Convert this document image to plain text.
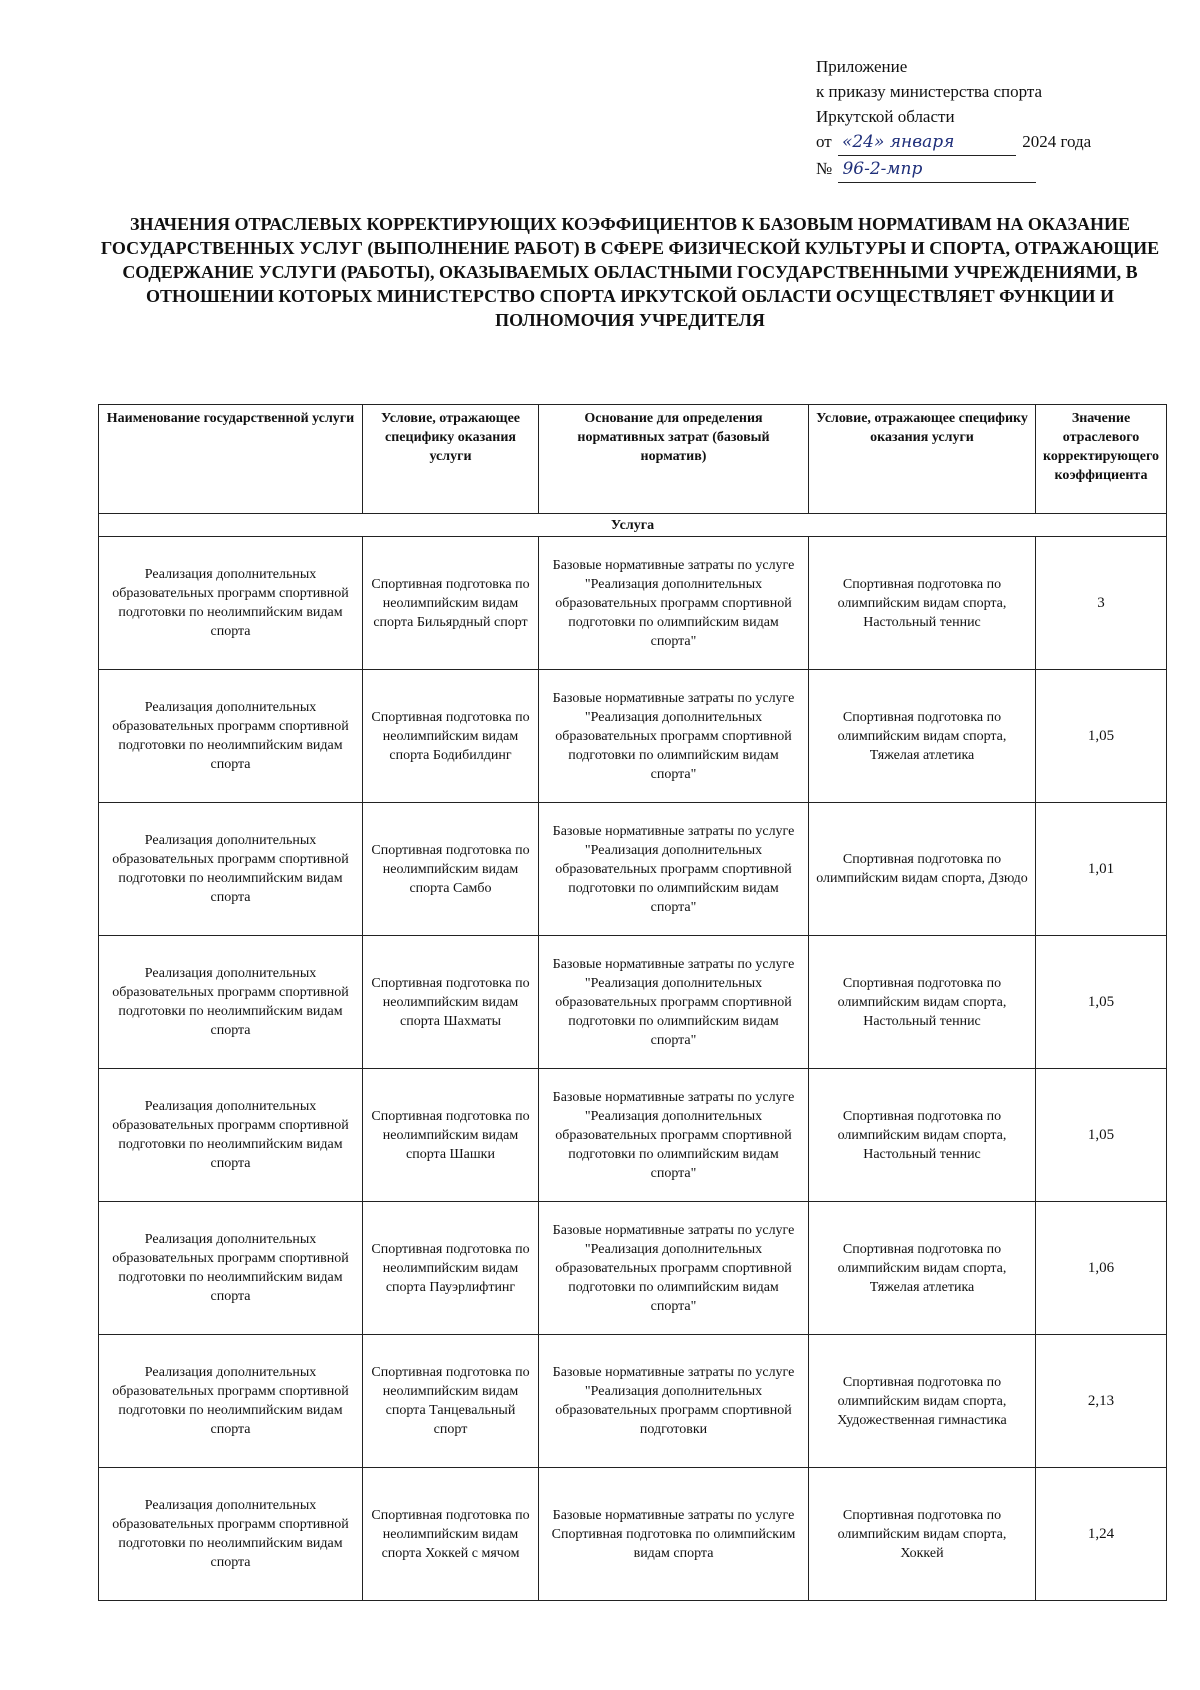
Приложение
к приказу министерства спорта
Иркутской области
от «24» января	2024 года
№ 96-2-мпр
ЗНАЧЕНИЯ ОТРАСЛЕВЫХ КОРРЕКТИРУЮЩИХ КОЭФФИЦИЕНТОВ К БАЗОВЫМ НОРМАТИВАМ НА ОКАЗАНИЕ ГОСУДАРСТВЕННЫХ УСЛУГ (ВЫПОЛНЕНИЕ РАБОТ) В СФЕРЕ ФИЗИЧЕСКОЙ КУЛЬТУРЫ И СПОРТА, ОТРАЖАЮЩИЕ СОДЕРЖАНИЕ УСЛУГИ (РАБОТЫ), ОКАЗЫВАЕМЫХ ОБЛАСТНЫМИ ГОСУДАРСТВЕННЫМИ УЧРЕЖДЕНИЯМИ, В ОТНОШЕНИИ КОТОРЫХ МИНИСТЕРСТВО СПОРТА ИРКУТСКОЙ ОБЛАСТИ ОСУЩЕСТВЛЯЕТ ФУНКЦИИ И ПОЛНОМОЧИЯ УЧРЕДИТЕЛЯ
Наименование государственной услуги	Условие, отражающее специфику оказания услуги	Основание для определения нормативных затрат (базовый норматив)	Условие, отражающее специфику оказания услуги	Значение отраслевого корректирующего коэффициента
Услуга				
Реализация дополнительных образовательных программ спортивной подготовки по неолимпийским видам спорта	Спортивная подготовка по неолимпийским видам спорта Бильярдный спорт	Базовые нормативные затраты по услуге "Реализация дополнительных образовательных программ спортивной подготовки по олимпийским видам спорта"	Спортивная подготовка по олимпийским видам спорта, Настольный теннис	3
Реализация дополнительных образовательных программ спортивной подготовки по неолимпийским видам спорта	Спортивная подготовка по неолимпийским видам спорта Бодибилдинг	Базовые нормативные затраты по услуге "Реализация дополнительных образовательных программ спортивной подготовки по олимпийским видам спорта"	Спортивная подготовка по олимпийским видам спорта, Тяжелая атлетика	1,05
Реализация дополнительных образовательных программ спортивной подготовки по неолимпийским видам спорта	Спортивная подготовка по неолимпийским видам спорта Самбо	Базовые нормативные затраты по услуге "Реализация дополнительных образовательных программ спортивной подготовки по олимпийским видам спорта"	Спортивная подготовка по олимпийским видам спорта, Дзюдо	1,01
Реализация дополнительных образовательных программ спортивной подготовки по неолимпийским видам спорта	Спортивная подготовка по неолимпийским видам спорта Шахматы	Базовые нормативные затраты по услуге "Реализация дополнительных образовательных программ спортивной подготовки по олимпийским видам спорта"	Спортивная подготовка по олимпийским видам спорта, Настольный теннис	1,05
Реализация дополнительных образовательных программ спортивной подготовки по неолимпийским видам спорта	Спортивная подготовка по неолимпийским видам спорта Шашки	Базовые нормативные затраты по услуге "Реализация дополнительных образовательных программ спортивной подготовки по олимпийским видам спорта"	Спортивная подготовка по олимпийским видам спорта, Настольный теннис	1,05
Реализация дополнительных образовательных программ спортивной подготовки по неолимпийским видам спорта	Спортивная подготовка по неолимпийским видам спорта Пауэрлифтинг	Базовые нормативные затраты по услуге "Реализация дополнительных образовательных программ спортивной подготовки по олимпийским видам спорта"	Спортивная подготовка по олимпийским видам спорта, Тяжелая атлетика	1,06
Реализация дополнительных образовательных программ спортивной подготовки по неолимпийским видам спорта	Спортивная подготовка по неолимпийским видам спорта Танцевальный спорт	Базовые нормативные затраты по услуге "Реализация дополнительных образовательных программ спортивной подготовки	Спортивная подготовка по олимпийским видам спорта, Художественная гимнастика	2,13
Реализация дополнительных образовательных программ спортивной подготовки по неолимпийским видам спорта	Спортивная подготовка по неолимпийским видам спорта Хоккей с мячом	Базовые нормативные затраты по услуге Спортивная подготовка по олимпийским видам спорта	Спортивная подготовка по олимпийским видам спорта, Хоккей	1,24
